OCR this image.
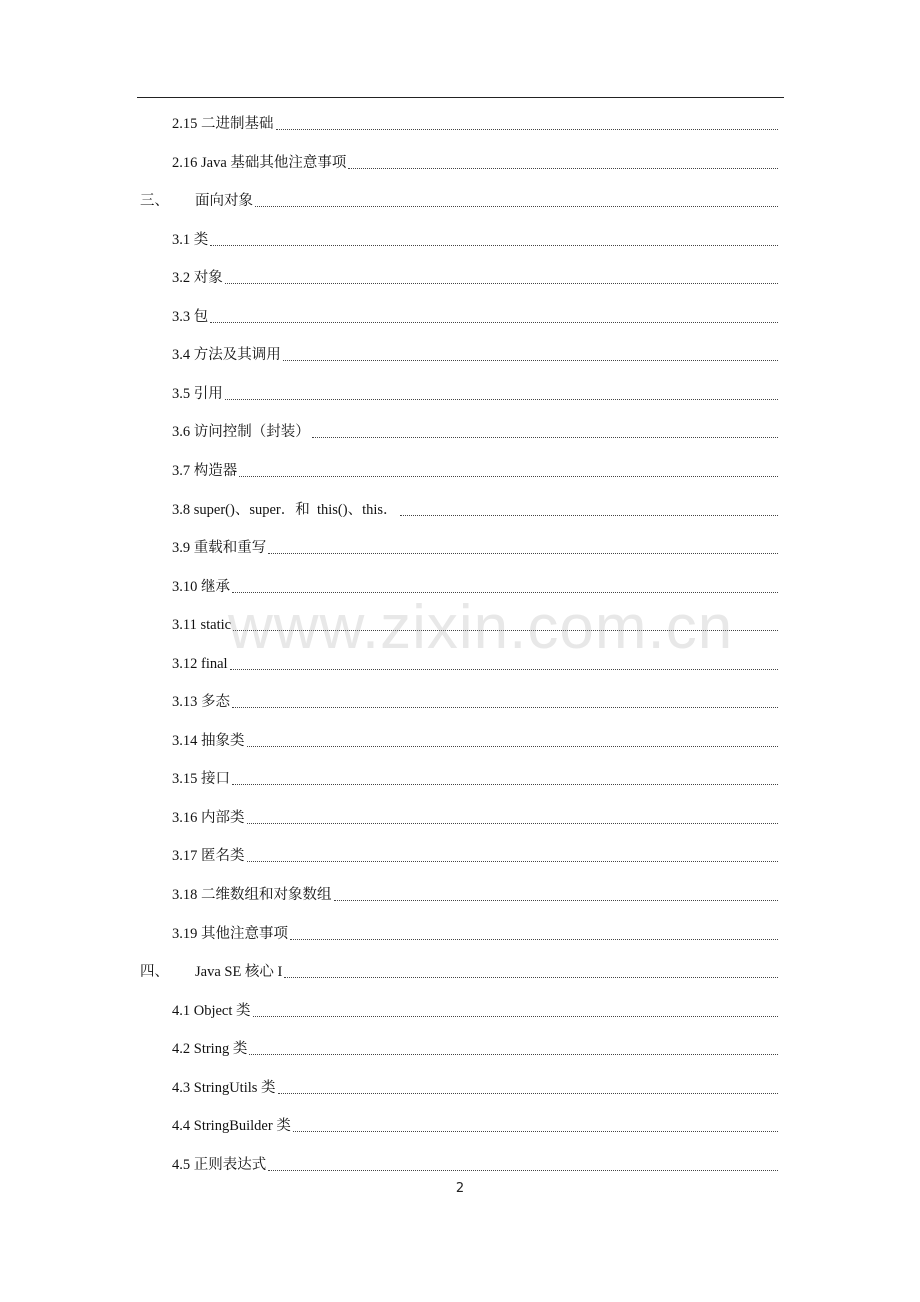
2.15 二进制基础
2.16 Java 基础其他注意事项
三、 面向对象
3.1 类
3.2 对象
3.3 包
3.4 方法及其调用
3.5 引用
3.6 访问控制（封装）
3.7 构造器
3.8 super()、super．和  this()、this．
3.9 重载和重写
3.10 继承
3.11 static
3.12 final
3.13 多态
3.14 抽象类
3.15 接口
3.16 内部类
3.17 匿名类
3.18 二维数组和对象数组
3.19 其他注意事项
四、 Java SE 核心 I
4.1 Object 类
4.2 String 类
4.3 StringUtils 类
4.4 StringBuilder 类
4.5 正则表达式
www.zixin.com.cn
2
